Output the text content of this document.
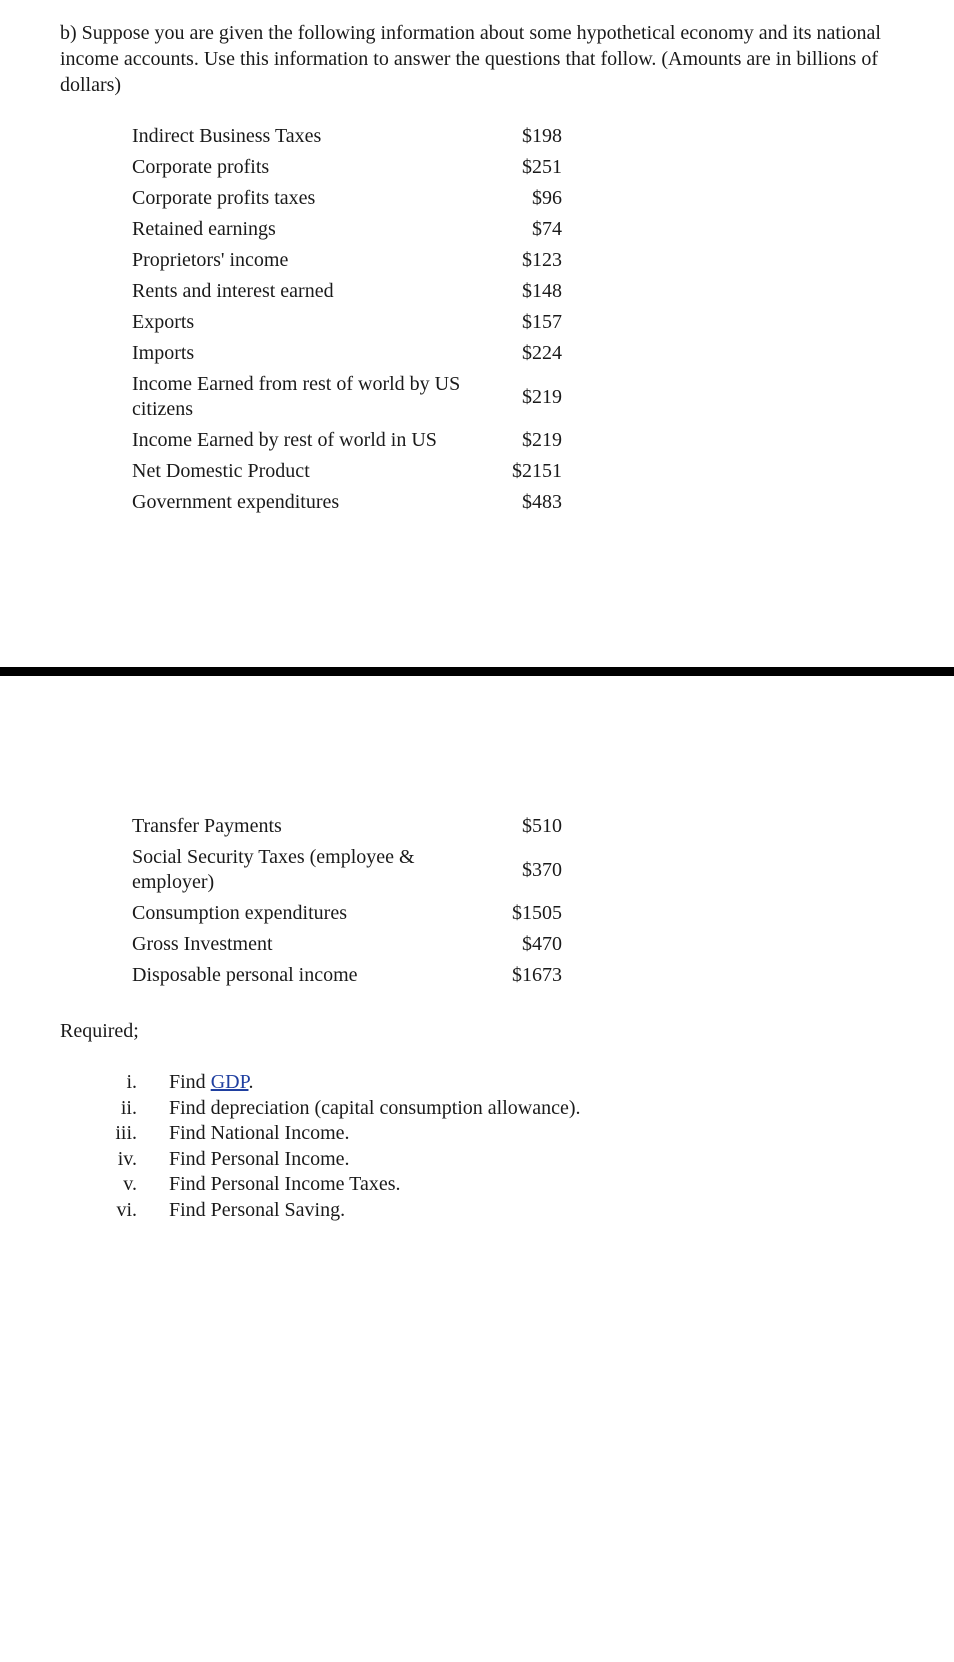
b) Suppose you are given the following information about some hypothetical economy and its national income accounts. Use this information to answer the questions that follow. (Amounts are in billions of dollars)
Indirect Business Taxes	$198
Corporate profits	$251
Corporate profits taxes	$96
Retained earnings	$74
Proprietors' income	$123
Rents and interest earned	$148
Exports	$157
Imports	$224
Income Earned from rest of world by US citizens
$219
Income Earned by rest of world in US	$219
Net Domestic Product	$2151
Government expenditures	$483
Transfer Payments	$510
Social Security Taxes (employee & employer)
$370
Consumption expenditures	$1505
Gross Investment	$470
Disposable personal income	$1673
Required;
i. Find GDP.
ii. Find depreciation (capital consumption allowance).
iii. Find National Income.
iv. Find Personal Income.
v. Find Personal Income Taxes.
vi. Find Personal Saving.
